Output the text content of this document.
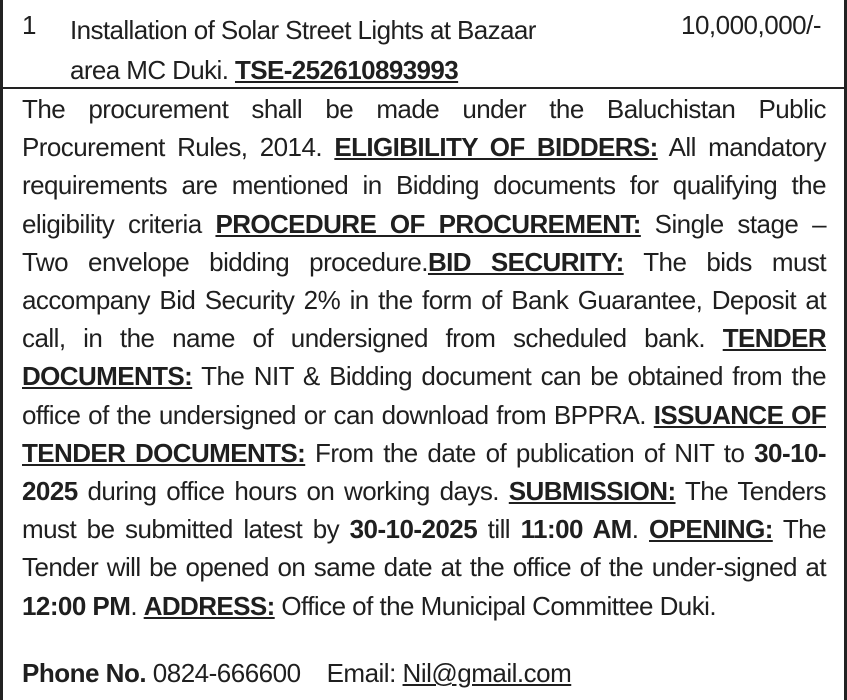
1 Installation of Solar Street Lights at Bazaar area MC Duki. TSE-252610893993
10,000,000/-

The procurement shall be made under the Baluchistan Public Procurement Rules, 2014. ELIGIBILITY OF BIDDERS: All mandatory requirements are mentioned in Bidding documents for qualifying the eligibility criteria PROCEDURE OF PROCUREMENT: Single stage – Two envelope bidding procedure.BID SECURITY: The bids must accompany Bid Security 2% in the form of Bank Guarantee, Deposit at call, in the name of undersigned from scheduled bank. TENDER DOCUMENTS: The NIT & Bidding document can be obtained from the office of the undersigned or can download from BPPRA. ISSUANCE OF TENDER DOCUMENTS: From the date of publication of NIT to 30-10-2025 during office hours on working days. SUBMISSION: The Tenders must be submitted latest by 30-10-2025 till 11:00 AM. OPENING: The Tender will be opened on same date at the office of the under-signed at 12:00 PM. ADDRESS: Office of the Municipal Committee Duki.

Phone No. 0824-666600 Email: Nil@gmail.com
